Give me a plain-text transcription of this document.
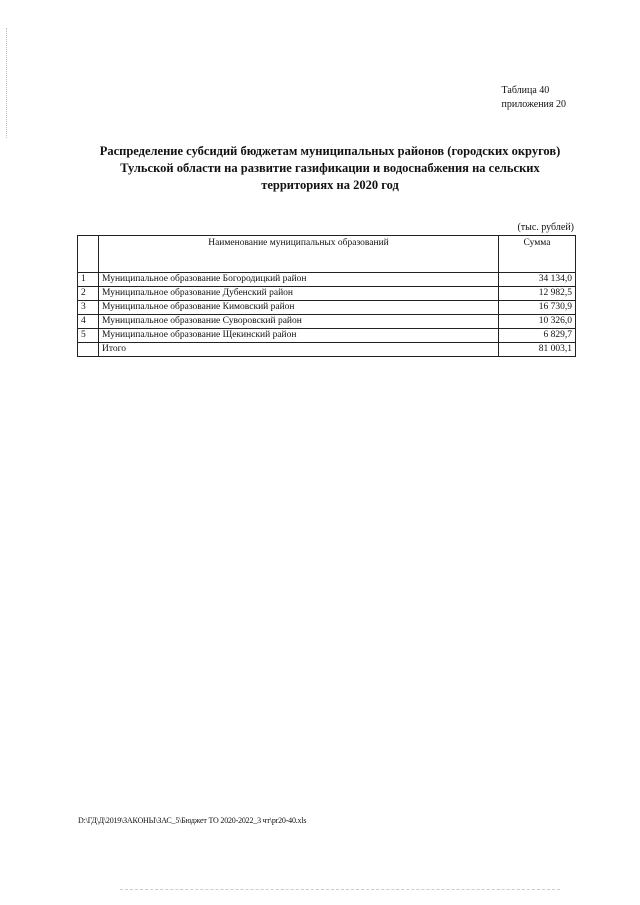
Таблица 40
приложения 20
Распределение субсидий бюджетам муниципальных районов (городских округов)
Тульской области на развитие газификации и водоснабжения на сельских
территориях на 2020 год
(тыс. рублей)
	Наименование муниципальных образований	Сумма
1	Муниципальное образование Богородицкий район	34 134,0
2	Муниципальное образование Дубенский район	12 982,5
3	Муниципальное образование Кимовский район	16 730,9
4	Муниципальное образование Суворовский район	10 326,0
5	Муниципальное образование Щекинский район	6 829,7
	Итого	81 003,1
D:\ГД\Д\2019\ЗАКОНЫ\ЗАС_5\Бюджет ТО 2020-2022_3 чт\pr20-40.xls
